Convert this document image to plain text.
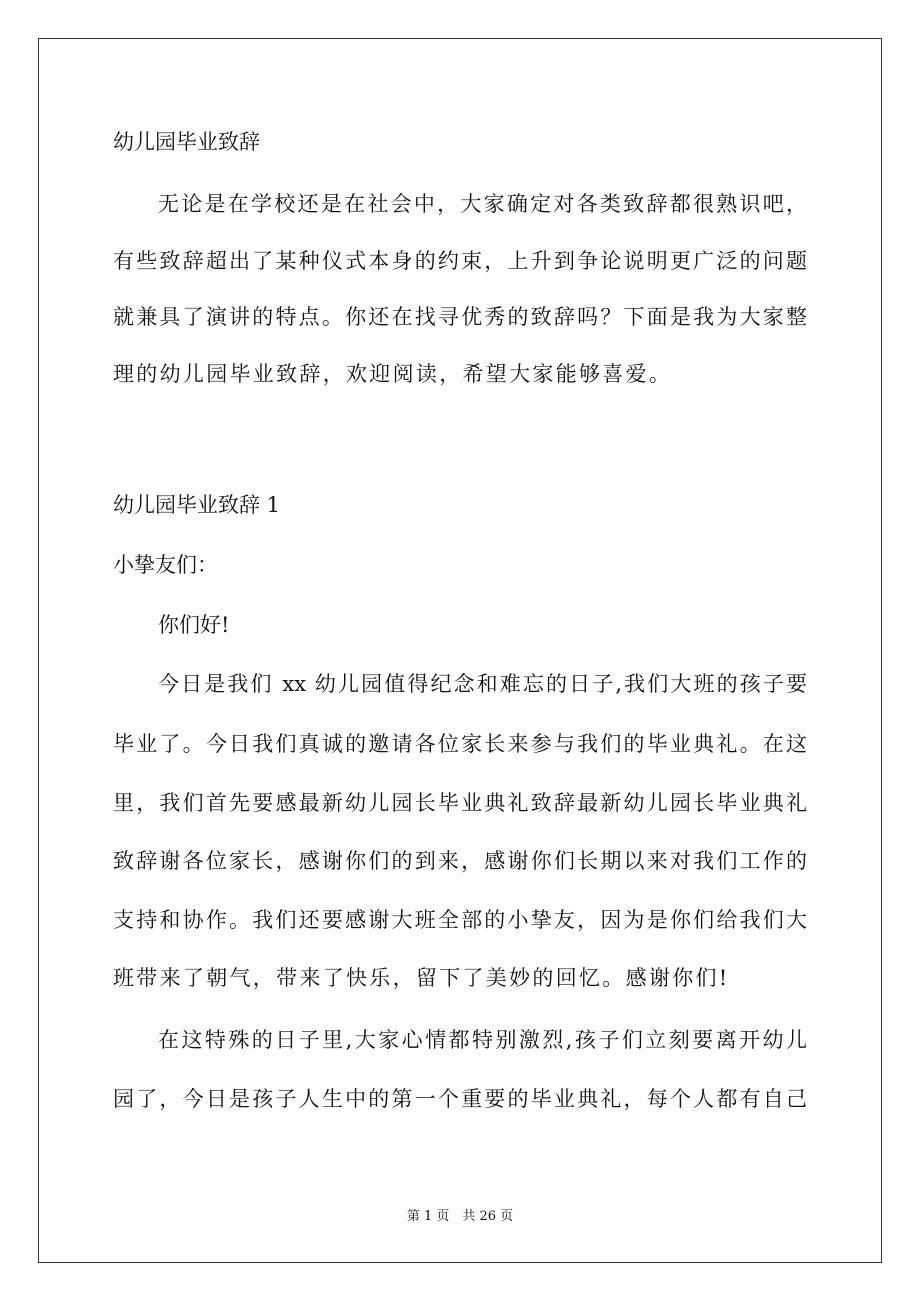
幼儿园毕业致辞
无论是在学校还是在社会中，大家确定对各类致辞都很熟识吧，
有些致辞超出了某种仪式本身的约束，上升到争论说明更广泛的问题
就兼具了演讲的特点。你还在找寻优秀的致辞吗？下面是我为大家整
理的幼儿园毕业致辞，欢迎阅读，希望大家能够喜爱。
幼儿园毕业致辞 1
小挚友们：
你们好!
今日是我们 xx 幼儿园值得纪念和难忘的日子,我们大班的孩子要
毕业了。今日我们真诚的邀请各位家长来参与我们的毕业典礼。在这
里，我们首先要感最新幼儿园长毕业典礼致辞最新幼儿园长毕业典礼
致辞谢各位家长，感谢你们的到来，感谢你们长期以来对我们工作的
支持和协作。我们还要感谢大班全部的小挚友，因为是你们给我们大
班带来了朝气，带来了快乐，留下了美妙的回忆。感谢你们!
在这特殊的日子里,大家心情都特别激烈,孩子们立刻要离开幼儿
园了，今日是孩子人生中的第一个重要的毕业典礼，每个人都有自己
第 1 页　共 26 页
